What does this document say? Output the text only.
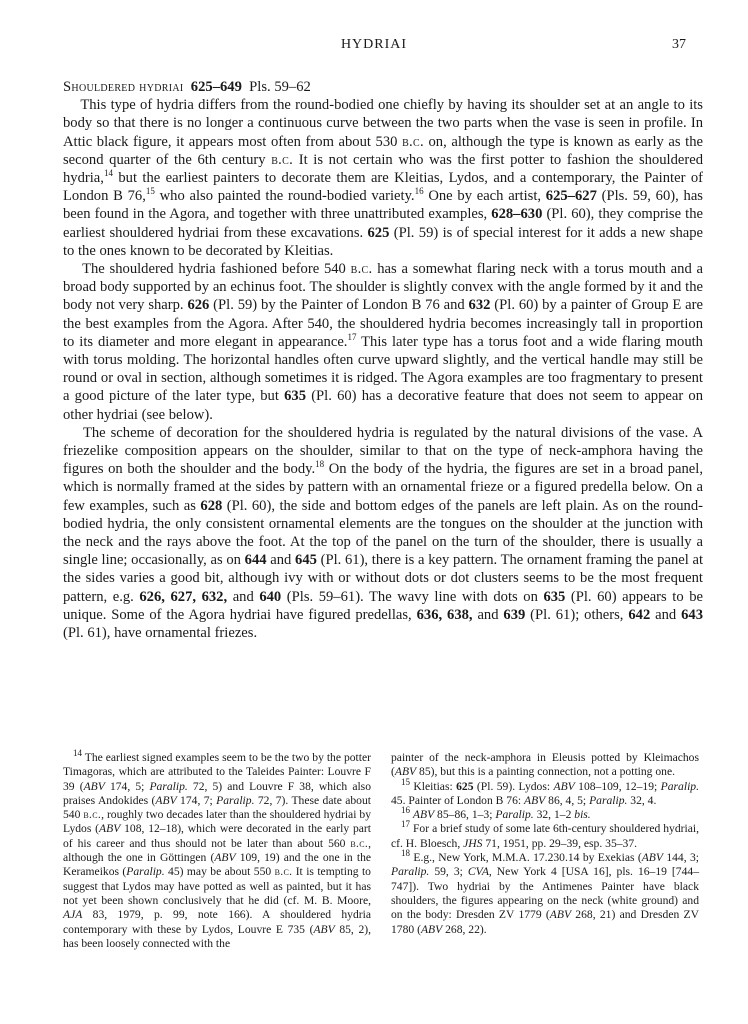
HYDRIAI	37

Shouldered hydriai 625–649 Pls. 59–62

This type of hydria differs from the round-bodied one chiefly by having its shoulder set at an angle to its body so that there is no longer a continuous curve between the two parts when the vase is seen in profile. In Attic black figure, it appears most often from about 530 b.c. on, although the type is known as early as the second quarter of the 6th century b.c. It is not certain who was the first potter to fashion the shouldered hydria,$^{14}$ but the earliest painters to decorate them are Kleitias, Lydos, and a contemporary, the Painter of London B 76,15 who also painted the round-bodied variety.$^{16}$ One by each artist, 625–627 (Pls. 59, 60), has been found in the Agora, and together with three unattributed examples, 628–630 (Pl. 60), they comprise the earliest shouldered hydriai from these excavations. 625 (Pl. 59) is of special interest for it adds a new shape to the ones known to be decorated by Kleitias.

The shouldered hydria fashioned before 540 b.c. has a somewhat flaring neck with a torus mouth and a broad body supported by an echinus foot. The shoulder is slightly convex with the angle formed by it and the body not very sharp. 626 (Pl. 59) by the Painter of London B 76 and 632 (Pl. 60) by a painter of Group E are the best examples from the Agora. After 540, the shouldered hydria becomes increasingly tall in proportion to its diameter and more elegant in appearance.$^{17}$ This later type has a torus foot and a wide flaring mouth with torus molding. The horizontal handles often curve upward slightly, and the vertical handle may still be round or oval in section, although sometimes it is ridged. The Agora examples are too fragmentary to present a good picture of the later type, but 635 (Pl. 60) has a decorative feature that does not seem to appear on other hydriai (see below).

The scheme of decoration for the shouldered hydria is regulated by the natural divisions of the vase. A friezelike composition appears on the shoulder, similar to that on the type of neck-amphora having the figures on both the shoulder and the body.$^{18}$ On the body of the hydria, the figures are set in a broad panel, which is normally framed at the sides by pattern with an ornamental frieze or a figured predella below. On a few examples, such as 628 (Pl. 60), the side and bottom edges of the panels are left plain. As on the round-bodied hydria, the only consistent ornamental elements are the tongues on the shoulder at the junction with the neck and the rays above the foot. At the top of the panel on the turn of the shoulder, there is usually a single line; occasionally, as on 644 and 645 (Pl. 61), there is a key pattern. The ornament framing the panel at the sides varies a good bit, although ivy with or without dots or dot clusters seems to be the most frequent pattern, e.g. 626, 627, 632, and 640 (Pls. 59–61). The wavy line with dots on 635 (Pl. 60) appears to be unique. Some of the Agora hydriai have figured predellas, 636, 638, and 639 (Pl. 61); others, 642 and 643 (Pl. 61), have ornamental friezes.

$^{14}$ The earliest signed examples seem to be the two by the potter Timagoras, which are attributed to the Taleides Painter: Louvre F 39 (ABV 174, 5; Paralip. 72, 5) and Louvre F 38, which also praises Andokides (ABV 174, 7; Paralip. 72, 7). These date about 540 b.c., roughly two decades later than the shouldered hydriai by Lydos (ABV 108, 12–18), which were decorated in the early part of his career and thus should not be later than about 560 b.c., although the one in Göttingen (ABV 109, 19) and the one in the Kerameikos (Paralip. 45) may be about 550 b.c. It is tempting to suggest that Lydos may have potted as well as painted, but it has not yet been shown conclusively that he did (cf. M. B. Moore, AJA 83, 1979, p. 99, note 166). A shouldered hydria contemporary with these by Lydos, Louvre E 735 (ABV 85, 2), has been loosely connected with the

painter of the neck-amphora in Eleusis potted by Kleimachos (ABV 85), but this is a painting connection, not a potting one.

$^{15}$ Kleitias: 625 (Pl. 59). Lydos: ABV 108–109, 12–19; Paralip. 45. Painter of London B 76: ABV 86, 4, 5; Paralip. 32, 4.

$^{16}$ ABV 85–86, 1–3; Paralip. 32, 1–2 bis.

$^{17}$ For a brief study of some late 6th-century shouldered hydriai, cf. H. Bloesch, JHS 71, 1951, pp. 29–39, esp. 35–37.

$^{18}$ E.g., New York, M.M.A. 17.230.14 by Exekias (ABV 144, 3; Paralip. 59, 3; CVA, New York 4 [USA 16], pls. 16–19 [744–747]). Two hydriai by the Antimenes Painter have black shoulders, the figures appearing on the neck (white ground) and on the body: Dresden ZV 1779 (ABV 268, 21) and Dresden ZV 1780 (ABV 268, 22).
